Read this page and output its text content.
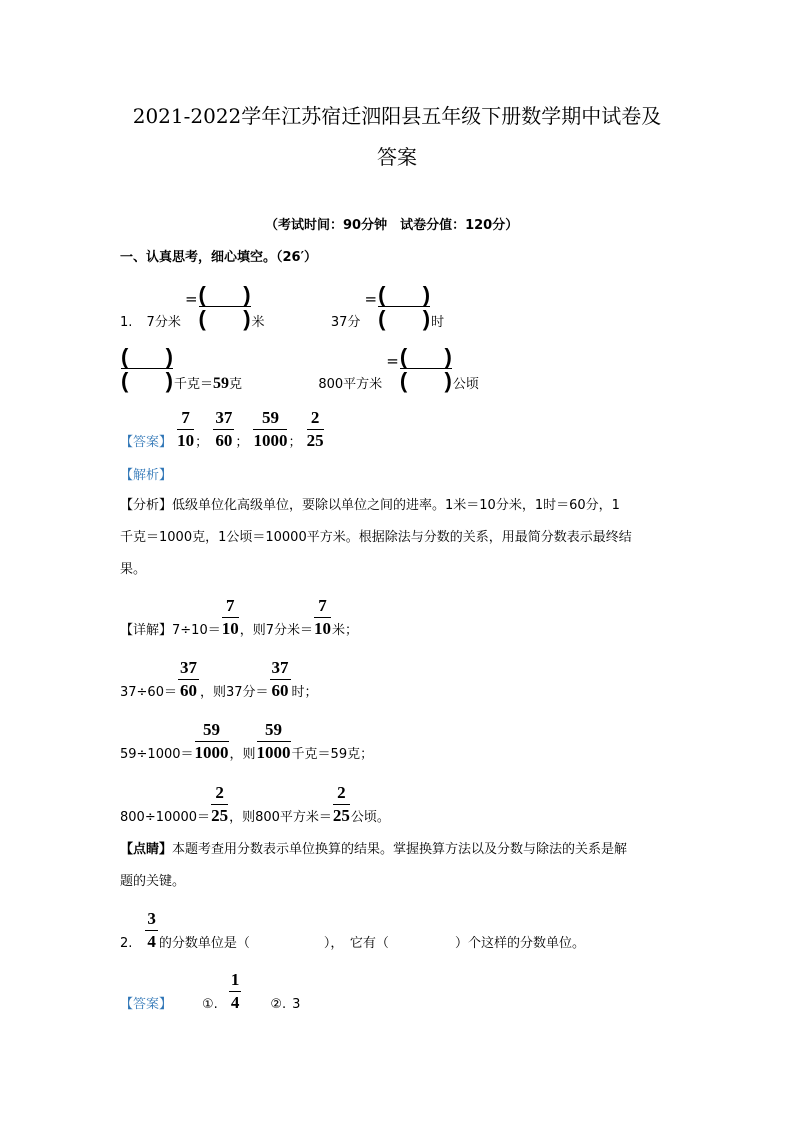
2021-2022学年江苏宿迁泗阳县五年级下册数学期中试卷及
答案
（考试时间：90分钟　试卷分值：120分）
一、认真思考，细心填空。（26′）
1. 7分米 = $\frac{( )}{( )}$ 米	37分 = $\frac{( )}{( )}$ 时
$\frac{( )}{( )}$ 千克＝59克	800平方米 = $\frac{( )}{( )}$ 公顷
【答案】 $\frac{7}{10}$ ； $\frac{37}{60}$ ； $\frac{59}{1000}$ ； $\frac{2}{25}$
【解析】
【分析】低级单位化高级单位，要除以单位之间的进率。1米＝10分米，1时＝60分，1
千克＝1000克，1公顷＝10000平方米。根据除法与分数的关系，用最简分数表示最终结
果。
【详解】$7\div 10= \frac{7}{10}$ ，则7分米＝ $\frac{7}{10}$ 米；
$37\div 60= \frac{37}{60}$ ，则37分＝ $\frac{37}{60}$ 时；
$59\div 1000= \frac{59}{1000}$ ，则 $\frac{59}{1000}$ 千克＝59克；
$800\div 10000= \frac{2}{25}$ ，则800平方米＝ $\frac{2}{25}$ 公顷。
【点睛】本题考查用分数表示单位换算的结果。掌握换算方法以及分数与除法的关系是解
题的关键。
2. $\frac{3}{4}$ 的分数单位是（	），　它有（	）个这样的分数单位。
【答案】 ①. $\frac{1}{4}$ ②. 3
